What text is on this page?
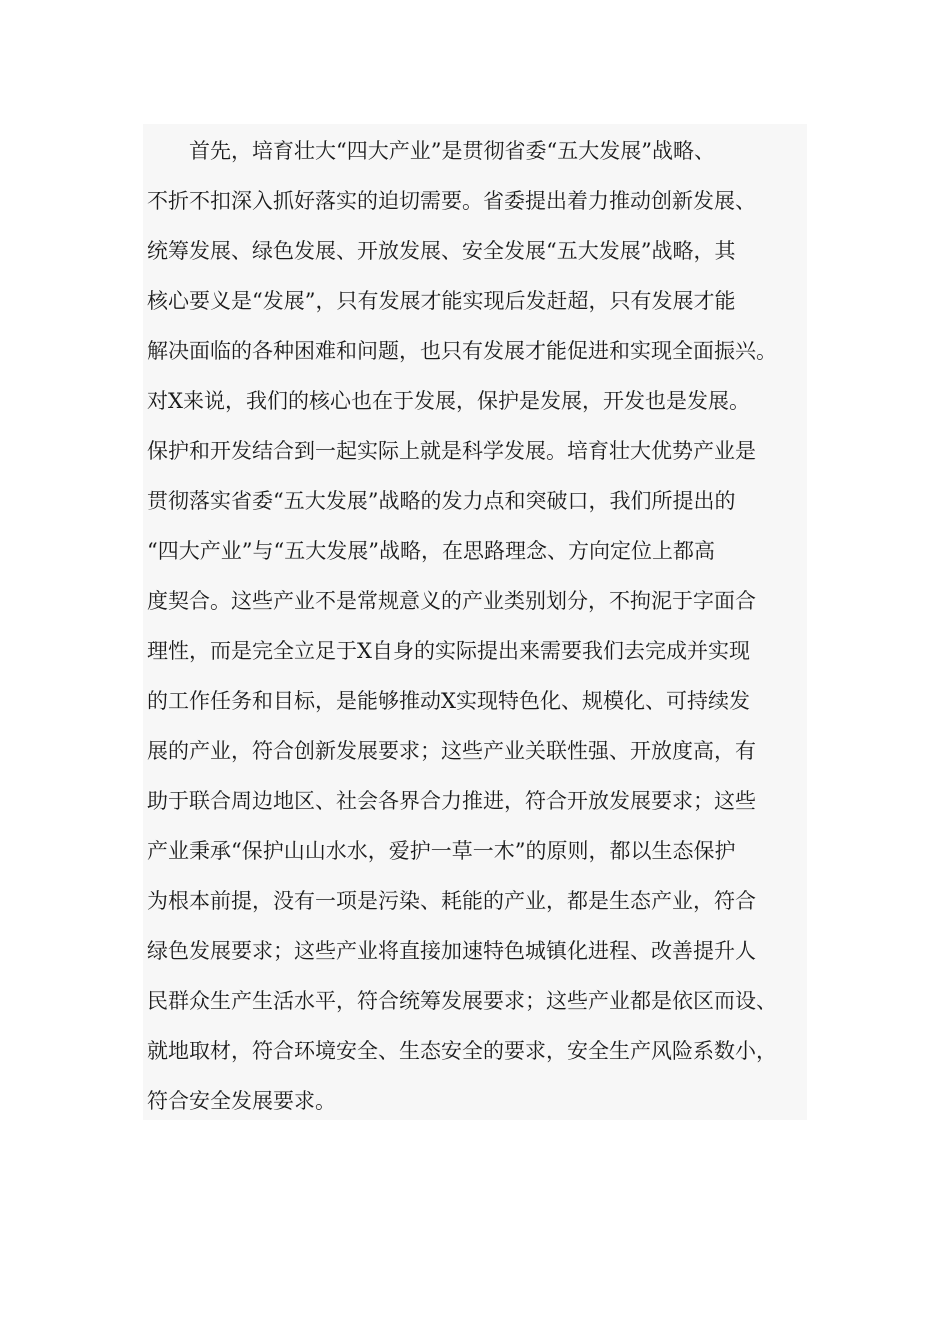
首先，培育壮大“四大产业”是贯彻省委“五大发展”战略、
不折不扣深入抓好落实的迫切需要。省委提出着力推动创新发展、
统筹发展、绿色发展、开放发展、安全发展“五大发展”战略，其
核心要义是“发展”，只有发展才能实现后发赶超，只有发展才能
解决面临的各种困难和问题，也只有发展才能促进和实现全面振兴。
对X来说，我们的核心也在于发展，保护是发展，开发也是发展。
保护和开发结合到一起实际上就是科学发展。培育壮大优势产业是
贯彻落实省委“五大发展”战略的发力点和突破口，我们所提出的
“四大产业”与“五大发展”战略，在思路理念、方向定位上都高
度契合。这些产业不是常规意义的产业类别划分，不拘泥于字面合
理性，而是完全立足于X自身的实际提出来需要我们去完成并实现
的工作任务和目标，是能够推动X实现特色化、规模化、可持续发
展的产业，符合创新发展要求；这些产业关联性强、开放度高，有
助于联合周边地区、社会各界合力推进，符合开放发展要求；这些
产业秉承“保护山山水水，爱护一草一木”的原则，都以生态保护
为根本前提，没有一项是污染、耗能的产业，都是生态产业，符合
绿色发展要求；这些产业将直接加速特色城镇化进程、改善提升人
民群众生产生活水平，符合统筹发展要求；这些产业都是依区而设、
就地取材，符合环境安全、生态安全的要求，安全生产风险系数小，
符合安全发展要求。
